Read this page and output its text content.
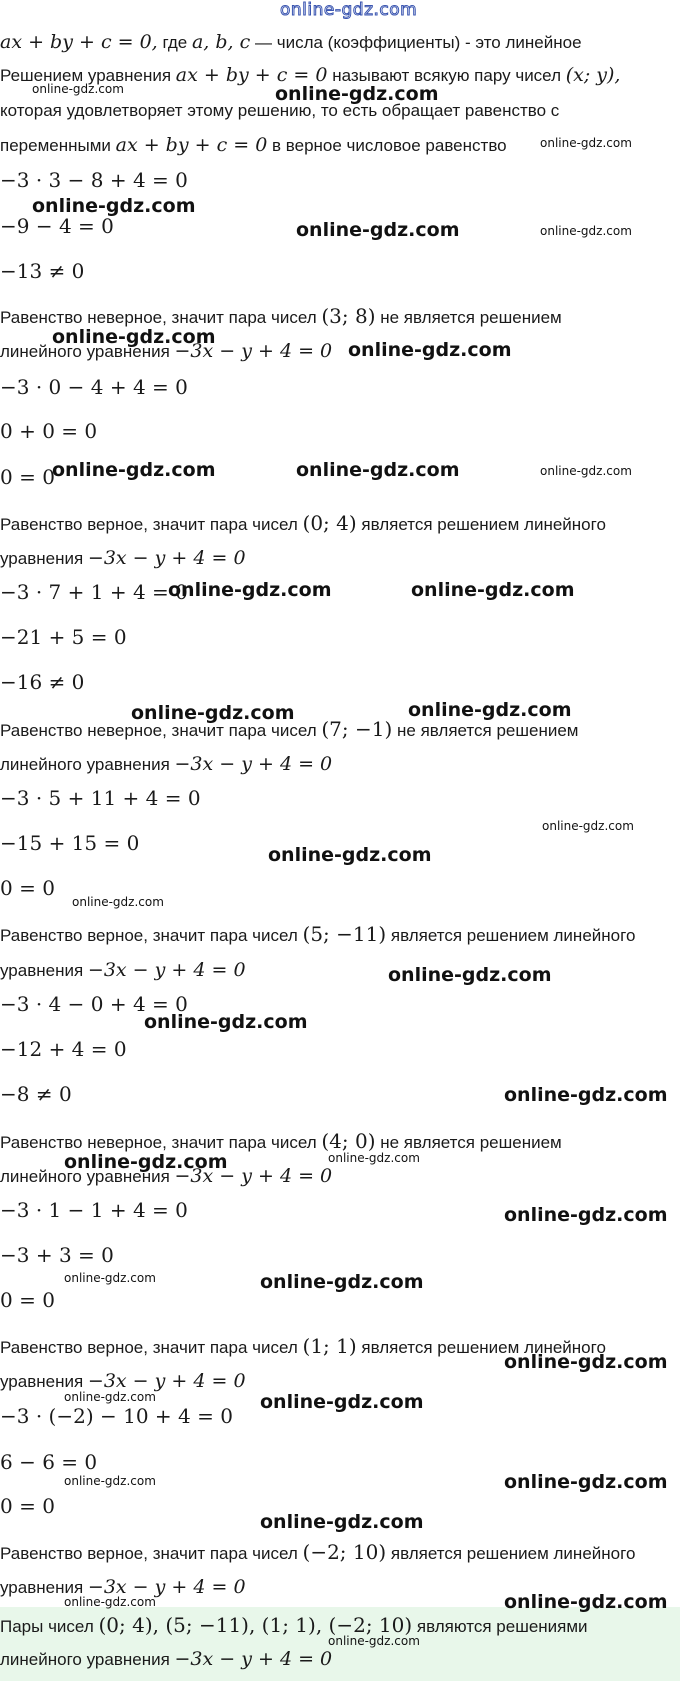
online-gdz.com
ax + by + c = 0, где a, b, c — числа (коэффициенты) - это линейное
Решением уравнения ax + by + c = 0 называют всякую пару чисел (x; y),
которая удовлетворяет этому решению, то есть обращает равенство с
переменными ax + by + c = 0 в верное числовое равенство
−3 · 3 − 8 + 4 = 0
−9 − 4 = 0
−13 ≠ 0
Равенство неверное, значит пара чисел (3; 8) не является решением
линейного уравнения −3x − y + 4 = 0
−3 · 0 − 4 + 4 = 0
0 + 0 = 0
0 = 0
Равенство верное, значит пара чисел (0; 4) является решением линейного
уравнения −3x − y + 4 = 0
−3 · 7 + 1 + 4 = 0
−21 + 5 = 0
−16 ≠ 0
Равенство неверное, значит пара чисел (7; −1) не является решением
линейного уравнения −3x − y + 4 = 0
−3 · 5 + 11 + 4 = 0
−15 + 15 = 0
0 = 0
Равенство верное, значит пара чисел (5; −11) является решением линейного
уравнения −3x − y + 4 = 0
−3 · 4 − 0 + 4 = 0
−12 + 4 = 0
−8 ≠ 0
Равенство неверное, значит пара чисел (4; 0) не является решением
линейного уравнения −3x − y + 4 = 0
−3 · 1 − 1 + 4 = 0
−3 + 3 = 0
0 = 0
Равенство верное, значит пара чисел (1; 1) является решением линейного
уравнения −3x − y + 4 = 0
−3 · (−2) − 10 + 4 = 0
6 − 6 = 0
0 = 0
Равенство верное, значит пара чисел (−2; 10) является решением линейного
уравнения −3x − y + 4 = 0
Пары чисел (0; 4), (5; −11), (1; 1), (−2; 10) являются решениями
линейного уравнения −3x − y + 4 = 0
online-gdz.com	online-gdz.com
online-gdz.com
online-gdz.com
online-gdz.com	online-gdz.com
online-gdz.com
online-gdz.com
online-gdz.com	online-gdz.com	online-gdz.com
online-gdz.com	online-gdz.com
online-gdz.com	online-gdz.com
online-gdz.com
online-gdz.com
online-gdz.com
online-gdz.com
online-gdz.com
online-gdz.com
online-gdz.com	online-gdz.com
online-gdz.com
online-gdz.com	online-gdz.com
online-gdz.com
online-gdz.com	online-gdz.com
online-gdz.com	online-gdz.com
online-gdz.com
online-gdz.com	online-gdz.com
online-gdz.com
